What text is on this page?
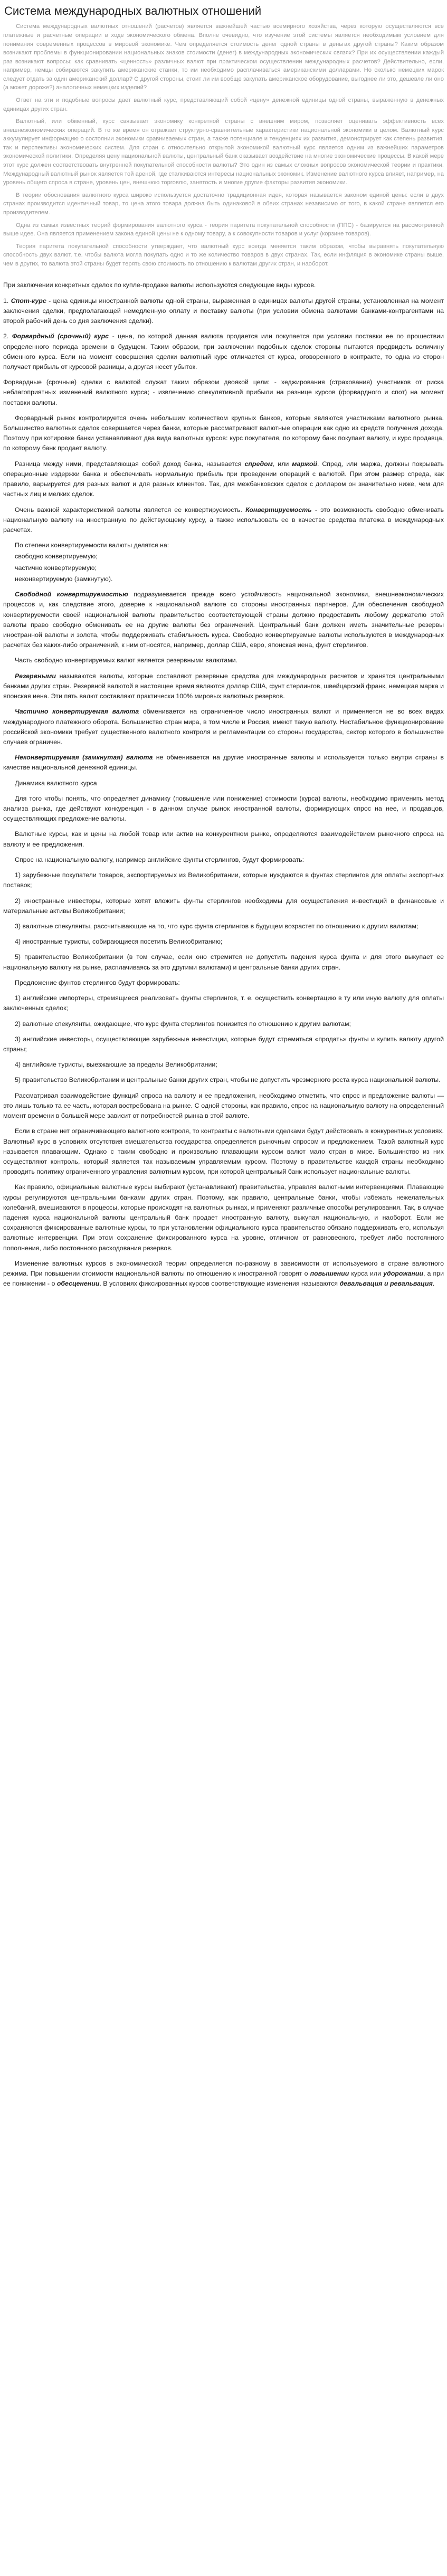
Система международных валютных отношений

Система международных валютных отношений (расчетов) является важнейшей частью всемирного хозяйства, через которую осуществляются все платежные и расчетные операции в ходе экономического обмена. Вполне очевидно, что изучение этой системы является необходимым условием для понимания современных процессов в мировой экономике. Чем определяется стоимость денег одной страны в деньгах другой страны? Каким образом возникают проблемы в функционировании национальных знаков стоимости (денег) в международных экономических связях? При их осуществлении каждый раз возникают вопросы: как сравнивать «ценность» различных валют при практическом осуществлении международных расчетов? Действительно, если, например, немцы собираются закупить американские станки, то им необходимо расплачиваться американскими долларами. Но сколько немецких марок следует отдать за один американский доллар? С другой стороны, стоит ли им вообще закупать американское оборудование, выгоднее ли это, дешевле ли оно (а может дороже?) аналогичных немецких изделий?

Ответ на эти и подобные вопросы дает валютный курс, представляющий собой «цену» денежной единицы одной страны, выраженную в денежных единицах других стран.

Валютный, или обменный, курс связывает экономику конкретной страны с внешним миром, позволяет оценивать эффективность всех внешнеэкономических операций. В то же время он отражает структурно-сравнительные характеристики национальной экономики в целом. Валютный курс аккумулирует информацию о состоянии экономики сравниваемых стран, а также потенциале и тенденциях их развития, демонстрирует как степень развития, так и перспективы экономических систем. Для стран с относительно открытой экономикой валютный курс является одним из важнейших параметров экономической политики. Определяя цену национальной валюты, центральный банк оказывает воздействие на многие экономические процессы. В какой мере этот курс должен соответствовать внутренней покупательной способности валюты? Это один из самых сложных вопросов экономической теории и практики. Международный валютный рынок является той ареной, где сталкиваются интересы национальных экономик. Изменение валютного курса влияет, например, на уровень общего спроса в стране, уровень цен, внешнюю торговлю, занятость и многие другие факторы развития экономики.

В теории обоснования валютного курса широко используется достаточно традиционная идея, которая называется законом единой цены: если в двух странах производится идентичный товар, то цена этого товара должна быть одинаковой в обеих странах независимо от того, в какой стране является его производителем.

Одна из самых известных теорий формирования валютного курса - теория паритета покупательной способности (ППС) - базируется на рассмотренной выше идее. Она является применением закона единой цены не к одному товару, а к совокупности товаров и услуг (корзине товаров).

Теория паритета покупательной способности утверждает, что валютный курс всегда меняется таким образом, чтобы выравнять покупательную способность двух валют, т.е. чтобы валюта могла покупать одно и то же количество товаров в двух странах. Так, если инфляция в экономике страны выше, чем в других, то валюта этой страны будет терять свою стоимость по отношению к валютам других стран, и наоборот.

При заключении конкретных сделок по купле-продаже валюты используются следующие виды курсов.

1. Спот-курс - цена единицы иностранной валюты одной страны, выраженная в единицах валюты другой страны, установленная на момент заключения сделки, предполагающей немедленную оплату и поставку валюты (при условии обмена валютами банками-контрагентами на второй рабочий день со дня заключения сделки).

2. Форвардный (срочный) курс - цена, по которой данная валюта продается или покупается при условии поставки ее по прошествии определенного периода времени в будущем. Таким образом, при заключении подобных сделок стороны пытаются предвидеть величину обменного курса. Если на момент совершения сделки валютный курс отличается от курса, оговоренного в контракте, то одна из сторон получает прибыль от курсовой разницы, а другая несет убыток.

Форвардные (срочные) сделки с валютой служат таким образом двоякой цели: - хеджирования (страхования) участников от риска неблагоприятных изменений валютного курса; - извлечению спекулятивной прибыли на разнице курсов (форвардного и спот) на момент поставки валюты.

Форвардный рынок контролируется очень небольшим количеством крупных банков, которые являются участниками валютного рынка. Большинство валютных сделок совершается через банки, которые рассматривают валютные операции как одно из средств получения дохода. Поэтому при котировке банки устанавливают два вида валютных курсов: курс покупателя, по которому банк покупает валюту, и курс продавца, по которому банк продает валюту.

Разница между ними, представляющая собой доход банка, называется спредом, или маржой. Спред, или маржа, должны покрывать операционные издержки банка и обеспечивать нормальную прибыль при проведении операций с валютой. При этом размер спреда, как правило, варьируется для разных валют и для разных клиентов. Так, для межбанковских сделок с долларом он значительно ниже, чем для частных лиц и мелких сделок.

Очень важной характеристикой валюты является ее конвертируемость. Конвертируемость - это возможность свободно обменивать национальную валюту на иностранную по действующему курсу, а также использовать ее в качестве средства платежа в международных расчетах.

По степени конвертируемости валюты делятся на:

свободно конвертируемую;

частично конвертируемую;

неконвертируемую (замкнутую).

Свободной конвертируемостью подразумевается прежде всего устойчивость национальной экономики, внешнеэкономических процессов и, как следствие этого, доверие к национальной валюте со стороны иностранных партнеров. Для обеспечения свободной конвертируемости своей национальной валюты правительство соответствующей страны должно предоставить любому держателю этой валюты право свободно обменивать ее на другие валюты без ограничений. Центральный банк должен иметь значительные резервы иностранной валюты и золота, чтобы поддерживать стабильность курса. Свободно конвертируемые валюты используются в международных расчетах без каких-либо ограничений, к ним относятся, например, доллар США, евро, японская иена, фунт стерлингов.

Часть свободно конвертируемых валют является резервными валютами.

Резервными называются валюты, которые составляют резервные средства для международных расчетов и хранятся центральными банками других стран. Резервной валютой в настоящее время являются доллар США, фунт стерлингов, швейцарский франк, немецкая марка и японская иена. Эти пять валют составляют практически 100% мировых валютных резервов.

Частично конвертируемая валюта обменивается на ограниченное число иностранных валют и применяется не во всех видах международного платежного оборота. Большинство стран мира, в том числе и Россия, имеют такую валюту. Нестабильное функционирование российской экономики требует существенного валютного контроля и регламентации со стороны государства, сектор которого в большинстве случаев ограничен.

Неконвертируемая (замкнутая) валюта не обменивается на другие иностранные валюты и используется только внутри страны в качестве национальной денежной единицы.

Динамика валютного курса

Для того чтобы понять, что определяет динамику (повышение или понижение) стоимости (курса) валюты, необходимо применить метод анализа рынка, где действуют конкуренция - в данном случае рынок иностранной валюты, формирующих спрос на нее, и продавцов, осуществляющих предложение валюты.

Валютные курсы, как и цены на любой товар или актив на конкурентном рынке, определяются взаимодействием рыночного спроса на валюту и ее предложения.

Спрос на национальную валюту, например английские фунты стерлингов, будут формировать:

1) зарубежные покупатели товаров, экспортируемых из Великобритании, которые нуждаются в фунтах стерлингов для оплаты экспортных поставок;

2) иностранные инвесторы, которые хотят вложить фунты стерлингов необходимы для осуществления инвестиций в финансовые и материальные активы Великобритании;

3) валютные спекулянты, рассчитывающие на то, что курс фунта стерлингов в будущем возрастет по отношению к другим валютам;

4) иностранные туристы, собирающиеся посетить Великобританию;

5) правительство Великобритании (в том случае, если оно стремится не допустить падения курса фунта и для этого выкупает ее национальную валюту на рынке, расплачиваясь за это другими валютами) и центральные банки других стран.

Предложение фунтов стерлингов будут формировать:

1) английские импортеры, стремящиеся реализовать фунты стерлингов, т. е. осуществить конвертацию в ту или иную валюту для оплаты заключенных сделок;

2) валютные спекулянты, ожидающие, что курс фунта стерлингов понизится по отношению к другим валютам;

3) английские инвесторы, осуществляющие зарубежные инвестиции, которые будут стремиться «продать» фунты и купить валюту другой страны;

4) английские туристы, выезжающие за пределы Великобритании;

5) правительство Великобритании и центральные банки других стран, чтобы не допустить чрезмерного роста курса национальной валюты.

Рассматривая взаимодействие функций спроса на валюту и ее предложения, необходимо отметить, что спрос и предложение валюты — это лишь только та ее часть, которая востребована на рынке. С одной стороны, как правило, спрос на национальную валюту на определенный момент времени в большей мере зависит от потребностей рынка в этой валюте.

Если в стране нет ограничивающего валютного контроля, то контракты с валютными сделками будут действовать в конкурентных условиях. Валютный курс в условиях отсутствия вмешательства государства определяется рыночным спросом и предложением. Такой валютный курс называется плавающим. Однако с таким свободно и произвольно плавающим курсом валют мало стран в мире. Большинство из них осуществляют контроль, который является так называемым управляемым курсом. Поэтому в правительстве каждой страны необходимо проводить политику ограниченного управления валютным курсом, при которой центральный банк использует национальные валюты.

Как правило, официальные валютные курсы выбирают (устанавливают) правительства, управляя валютными интервенциями. Плавающие курсы регулируются центральными банками других стран. Поэтому, как правило, центральные банки, чтобы избежать нежелательных колебаний, вмешиваются в процессы, которые происходят на валютных рынках, и применяют различные способы регулирования. Так, в случае падения курса национальной валюты центральный банк продает иностранную валюту, выкупая национальную, и наоборот. Если же сохраняются фиксированные валютные курсы, то при установлении официального курса правительство обязано поддерживать его, используя валютные интервенции. При этом сохранение фиксированного курса на уровне, отличном от равновесного, требует либо постоянного пополнения, либо постоянного расходования резервов.

Изменение валютных курсов в экономической теории определяется по-разному в зависимости от используемого в стране валютного режима. При повышении стоимости национальной валюты по отношению к иностранной говорят о повышении курса или удорожании, а при ее понижении - о обесценении. В условиях фиксированных курсов соответствующие изменения называются девальвация и ревальвация.
